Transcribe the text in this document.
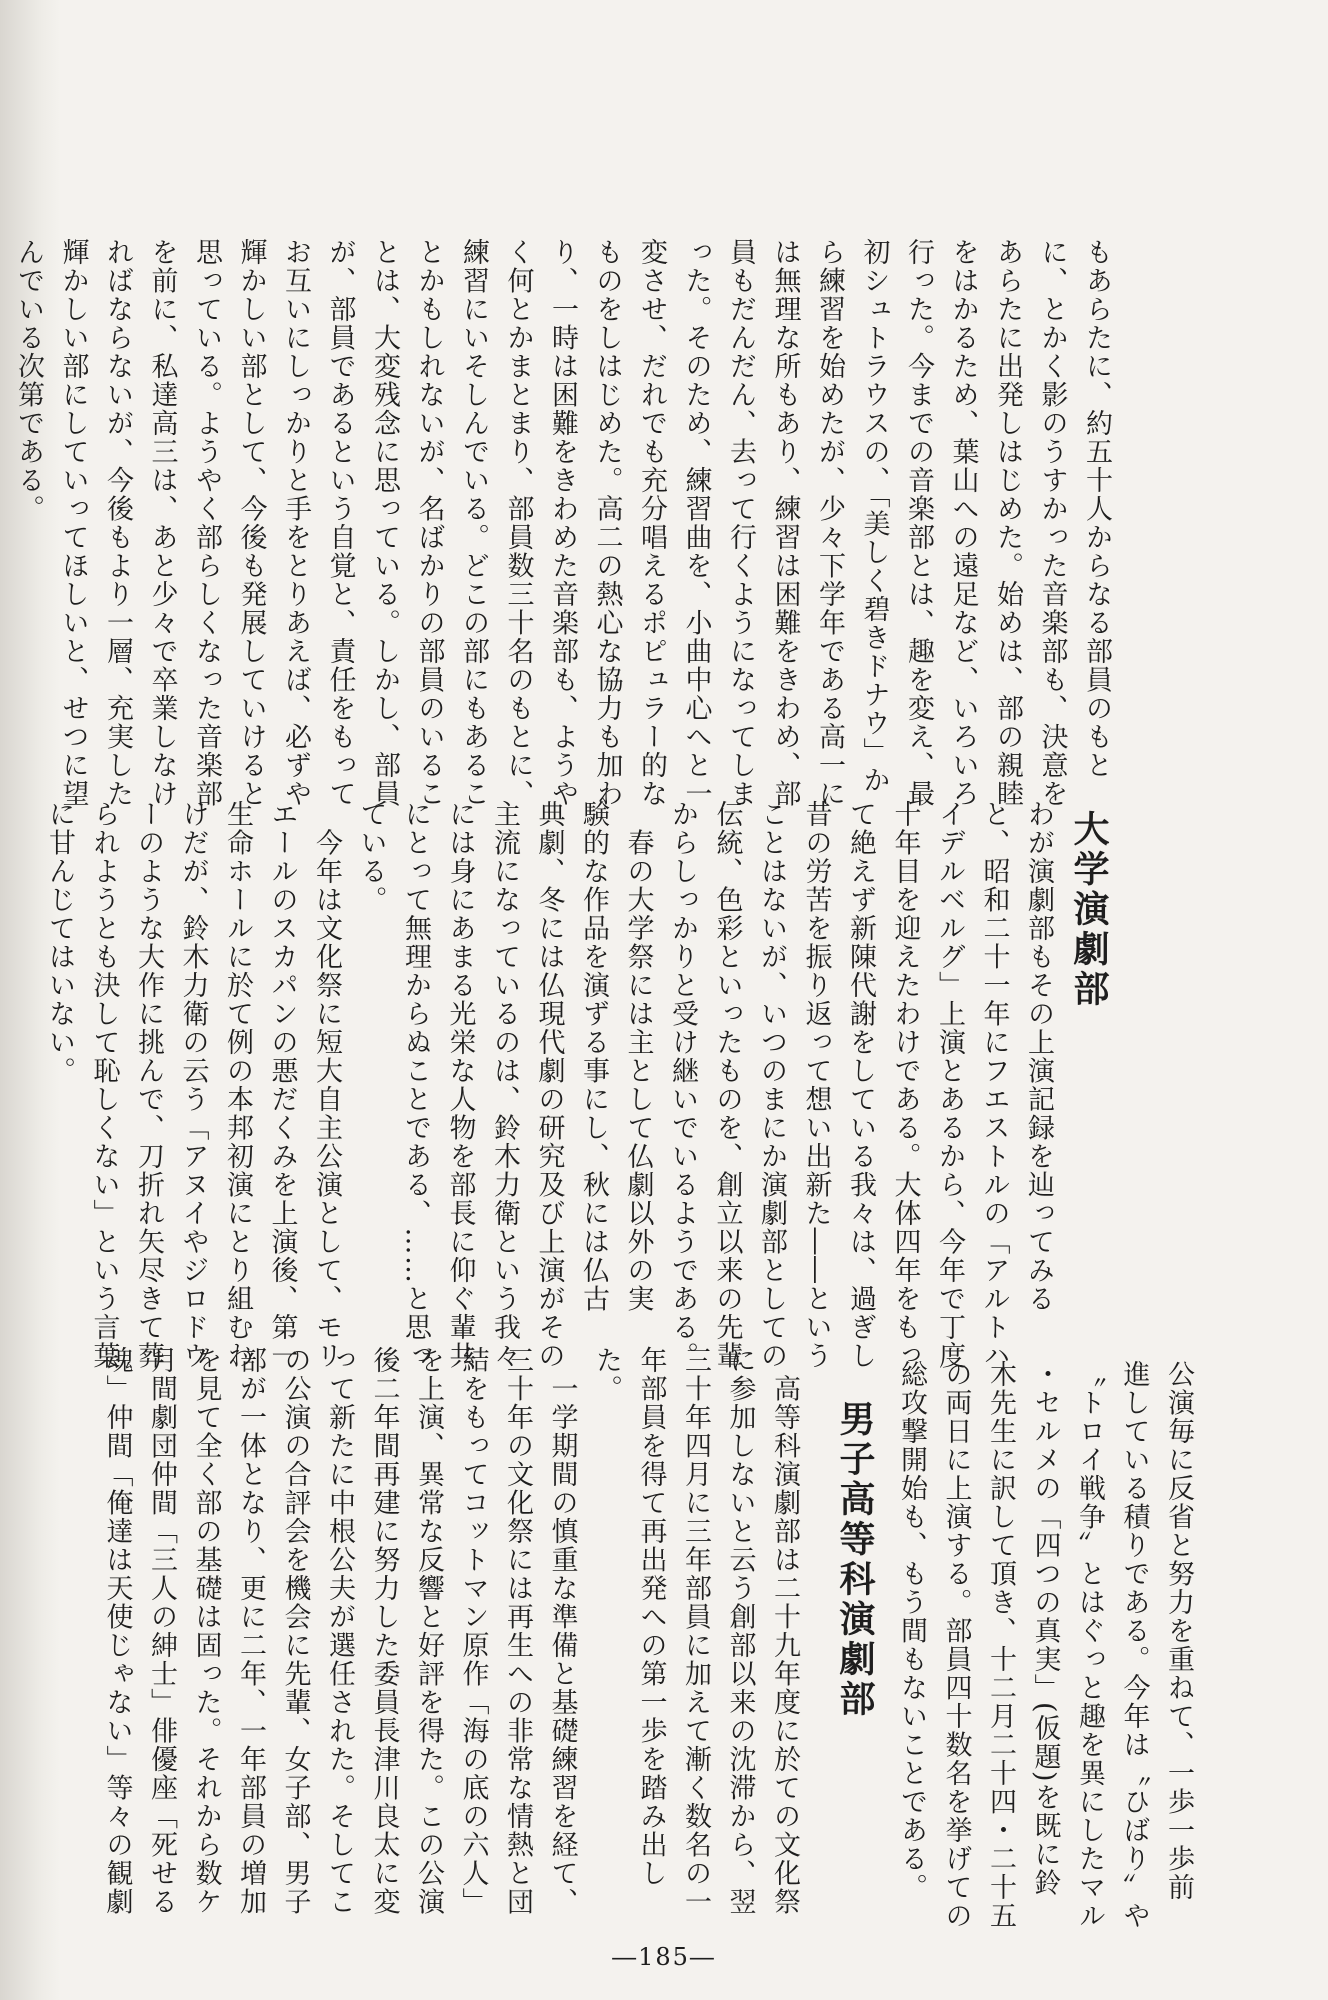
もあらたに、約五十人からなる部員のもと
に、とかく影のうすかった音楽部も、決意を
あらたに出発しはじめた。始めは、部の親睦
をはかるため、葉山への遠足など、いろいろ
行った。今までの音楽部とは、趣を変え、最
初シュトラウスの、「美しく碧きドナウ」か
ら練習を始めたが、少々下学年である高一に
は無理な所もあり、練習は困難をきわめ、部
員もだんだん、去って行くようになってしま
った。そのため、練習曲を、小曲中心へと一
変させ、だれでも充分唱えるポピュラー的な
ものをしはじめた。高二の熱心な協力も加わ
り、一時は困難をきわめた音楽部も、ようや
く何とかまとまり、部員数三十名のもとに、
練習にいそしんでいる。どこの部にもあるこ
とかもしれないが、名ばかりの部員のいるこ
とは、大変残念に思っている。しかし、部員
が、部員であるという自覚と、責任をもって
お互いにしっかりと手をとりあえば、必ずや
輝かしい部として、今後も発展していけると
思っている。ようやく部らしくなった音楽部
を前に、私達高三は、あと少々で卒業しなけ
ればならないが、今後もより一層、充実した
輝かしい部にしていってほしいと、せつに望
んでいる次第である。
大学演劇部
わが演劇部もその上演記録を辿ってみる
と、昭和二十一年にフエストルの「アルトハ
イデルベルグ」上演とあるから、今年で丁度
十年目を迎えたわけである。大体四年をもっ
て絶えず新陳代謝をしている我々は、過ぎし
昔の労苦を振り返って想い出新た――という
ことはないが、いつのまにか演劇部としての
伝統、色彩といったものを、創立以来の先輩
からしっかりと受け継いでいるようである。
　春の大学祭には主として仏劇以外の実
験的な作品を演ずる事にし、秋には仏古
典劇、冬には仏現代劇の研究及び上演がその
主流になっているのは、鈴木力衛という我々
には身にあまる光栄な人物を部長に仰ぐ輩共
にとって無理からぬことである、……と思っ
ている。
　今年は文化祭に短大自主公演として、モリ
エールのスカパンの悪だくみを上演後、第一
生命ホールに於て例の本邦初演にとり組むわ
けだが、鈴木力衛の云う「アヌイやジロドウ
ーのような大作に挑んで、刀折れ矢尽きて葬
られようとも決して恥しくない」という言葉
に甘んじてはいない。
公演毎に反省と努力を重ねて、一歩一歩前
進している積りである。今年は〝ひばり〟や
〝トロイ戦争〟とはぐっと趣を異にしたマル
・セルメの「四つの真実」(仮題)を既に鈴
木先生に訳して頂き、十二月二十四・二十五
の両日に上演する。部員四十数名を挙げての
総攻撃開始も、もう間もないことである。
男子高等科演劇部
　高等科演劇部は二十九年度に於ての文化祭
に参加しないと云う創部以来の沈滞から、翌
三十年四月に三年部員に加えて漸く数名の一
年部員を得て再出発への第一歩を踏み出し
た。
　一学期間の慎重な準備と基礎練習を経て、
三十年の文化祭には再生への非常な情熱と団
結をもってコットマン原作「海の底の六人」
を上演、異常な反響と好評を得た。この公演
後二年間再建に努力した委員長津川良太に変
って新たに中根公夫が選任された。そしてこ
の公演の合評会を機会に先輩、女子部、男子
部が一体となり、更に二年、一年部員の増加
を見て全く部の基礎は固った。それから数ケ
月間劇団仲間「三人の紳士」俳優座「死せる
魂」仲間「俺達は天使じゃない」等々の観劇
―185―
